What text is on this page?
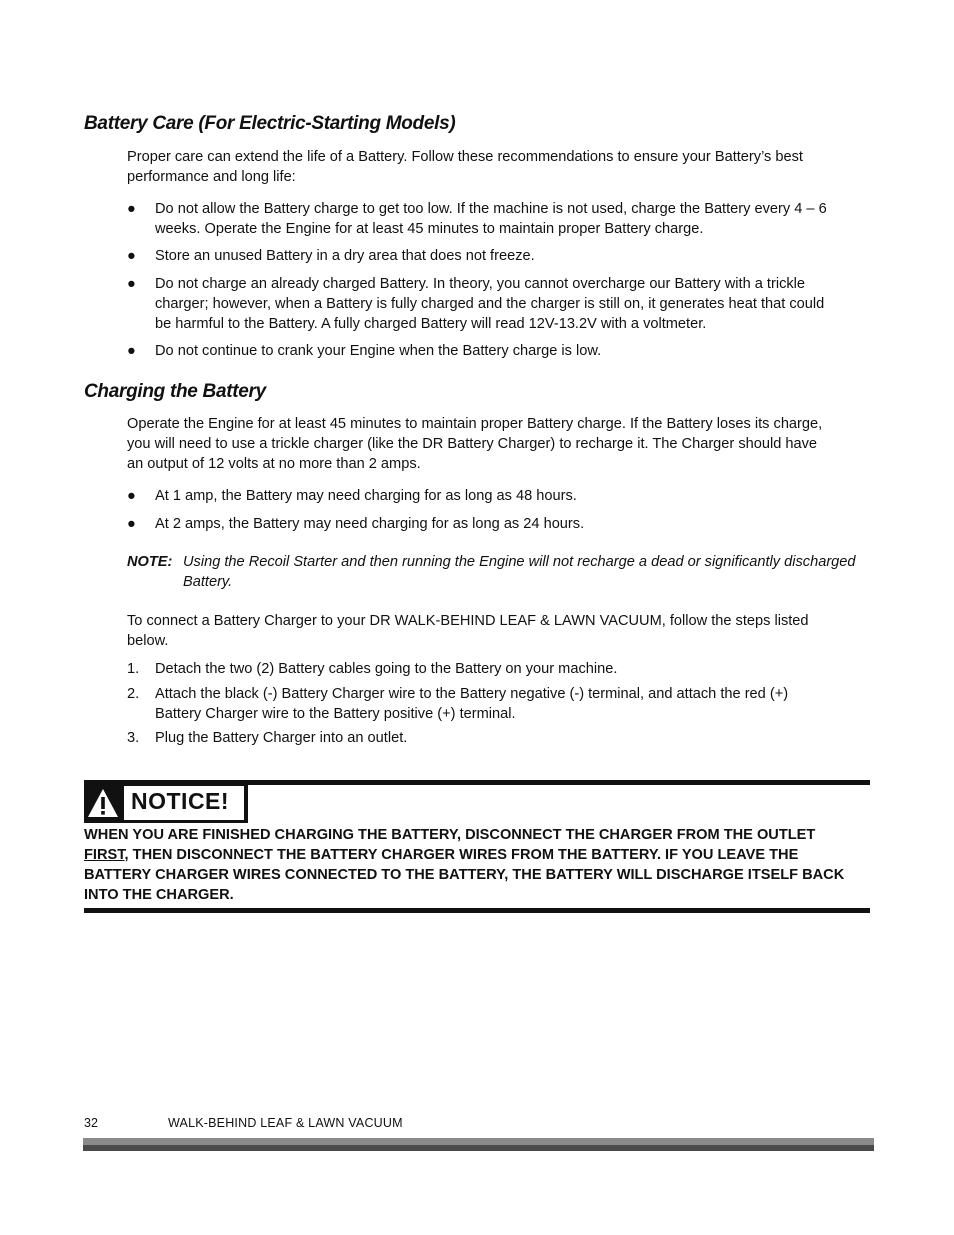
Battery Care (For Electric-Starting Models)
Proper care can extend the life of a Battery. Follow these recommendations to ensure your Battery’s best
performance and long life:
●	Do not allow the Battery charge to get too low. If the machine is not used, charge the Battery every 4 – 6
weeks. Operate the Engine for at least 45 minutes to maintain proper Battery charge.
●	Store an unused Battery in a dry area that does not freeze.
●	Do not charge an already charged Battery. In theory, you cannot overcharge our Battery with a trickle
charger; however, when a Battery is fully charged and the charger is still on, it generates heat that could
be harmful to the Battery. A fully charged Battery will read 12V-13.2V with a voltmeter.
●	Do not continue to crank your Engine when the Battery charge is low.
Charging the Battery
Operate the Engine for at least 45 minutes to maintain proper Battery charge. If the Battery loses its charge,
you will need to use a trickle charger (like the DR Battery Charger) to recharge it. The Charger should have
an output of 12 volts at no more than 2 amps.
●	At 1 amp, the Battery may need charging for as long as 48 hours.
●	At 2 amps, the Battery may need charging for as long as 24 hours.
NOTE: Using the Recoil Starter and then running the Engine will not recharge a dead or significantly discharged
Battery.
To connect a Battery Charger to your DR WALK-BEHIND LEAF & LAWN VACUUM, follow the steps listed
below.
1. Detach the two (2) Battery cables going to the Battery on your machine.
2. Attach the black (-) Battery Charger wire to the Battery negative (-) terminal, and attach the red (+)
Battery Charger wire to the Battery positive (+) terminal.
3. Plug the Battery Charger into an outlet.
NOTICE!
WHEN YOU ARE FINISHED CHARGING THE BATTERY, DISCONNECT THE CHARGER FROM THE OUTLET
FIRST, THEN DISCONNECT THE BATTERY CHARGER WIRES FROM THE BATTERY. IF YOU LEAVE THE
BATTERY CHARGER WIRES CONNECTED TO THE BATTERY, THE BATTERY WILL DISCHARGE ITSELF BACK
INTO THE CHARGER.
32	WALK-BEHIND LEAF & LAWN VACUUM
